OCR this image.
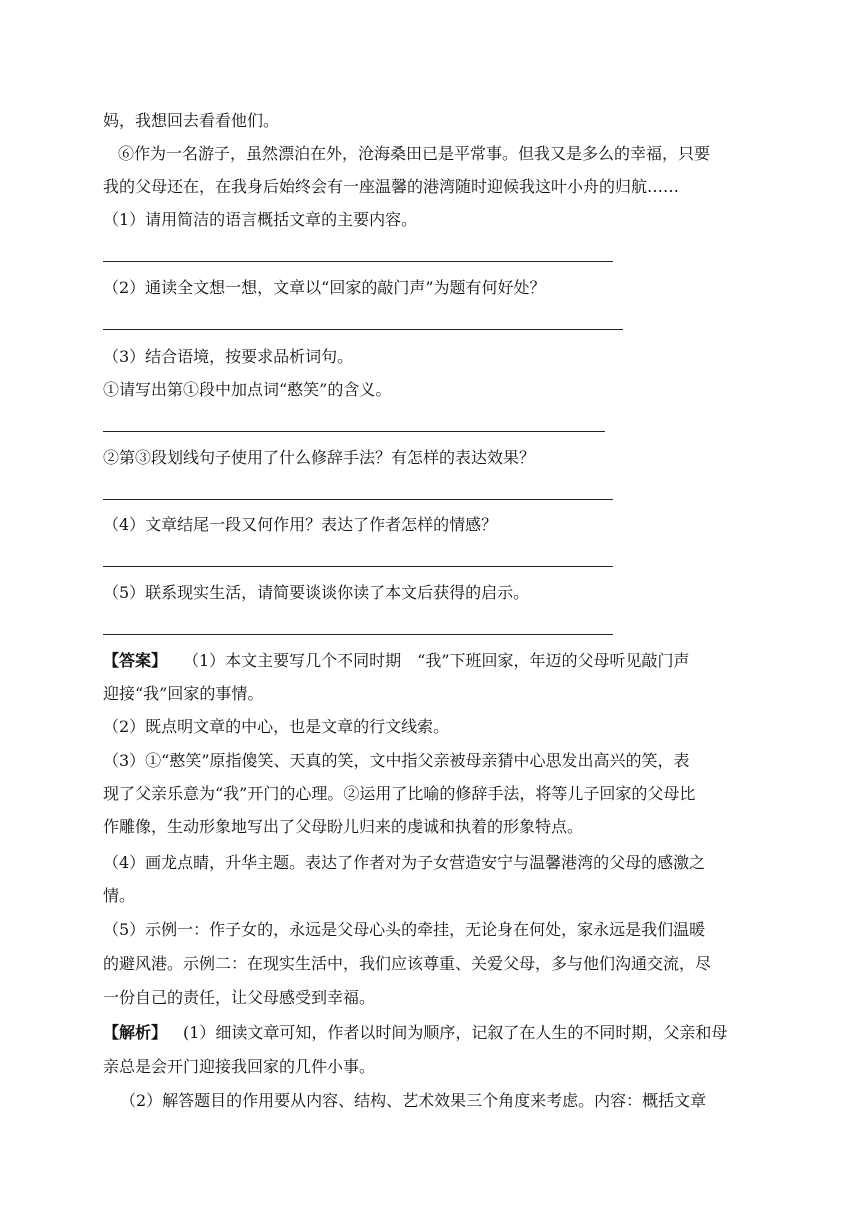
妈，我想回去看看他们。
⑥作为一名游子，虽然漂泊在外，沧海桑田已是平常事。但我又是多么的幸福，只要
我的父母还在，在我身后始终会有一座温馨的港湾随时迎候我这叶小舟的归航……
（1）请用简洁的语言概括文章的主要内容。
（2）通读全文想一想，文章以“回家的敲门声”为题有何好处？
（3）结合语境，按要求品析词句。
①请写出第①段中加点词“憨笑”的含义。
②第③段划线句子使用了什么修辞手法？有怎样的表达效果？
（4）文章结尾一段又何作用？表达了作者怎样的情感？
（5）联系现实生活，请简要谈谈你读了本文后获得的启示。
【答案】 （1）本文主要写几个不同时期　“我”下班回家，年迈的父母听见敲门声
迎接“我”回家的事情。
（2）既点明文章的中心，也是文章的行文线索。
（3）①“憨笑”原指傻笑、天真的笑，文中指父亲被母亲猜中心思发出高兴的笑，表
现了父亲乐意为“我”开门的心理。②运用了比喻的修辞手法，将等儿子回家的父母比
作雕像，生动形象地写出了父母盼儿归来的虔诚和执着的形象特点。
（4）画龙点睛，升华主题。表达了作者对为子女营造安宁与温馨港湾的父母的感激之
情。
（5）示例一：作子女的，永远是父母心头的牵挂，无论身在何处，家永远是我们温暖
的避风港。示例二：在现实生活中，我们应该尊重、关爱父母，多与他们沟通交流，尽
一份自己的责任，让父母感受到幸福。
【解析】 (1）细读文章可知，作者以时间为顺序，记叙了在人生的不同时期，父亲和母
亲总是会开门迎接我回家的几件小事。
（2）解答题目的作用要从内容、结构、艺术效果三个角度来考虑。内容：概括文章
